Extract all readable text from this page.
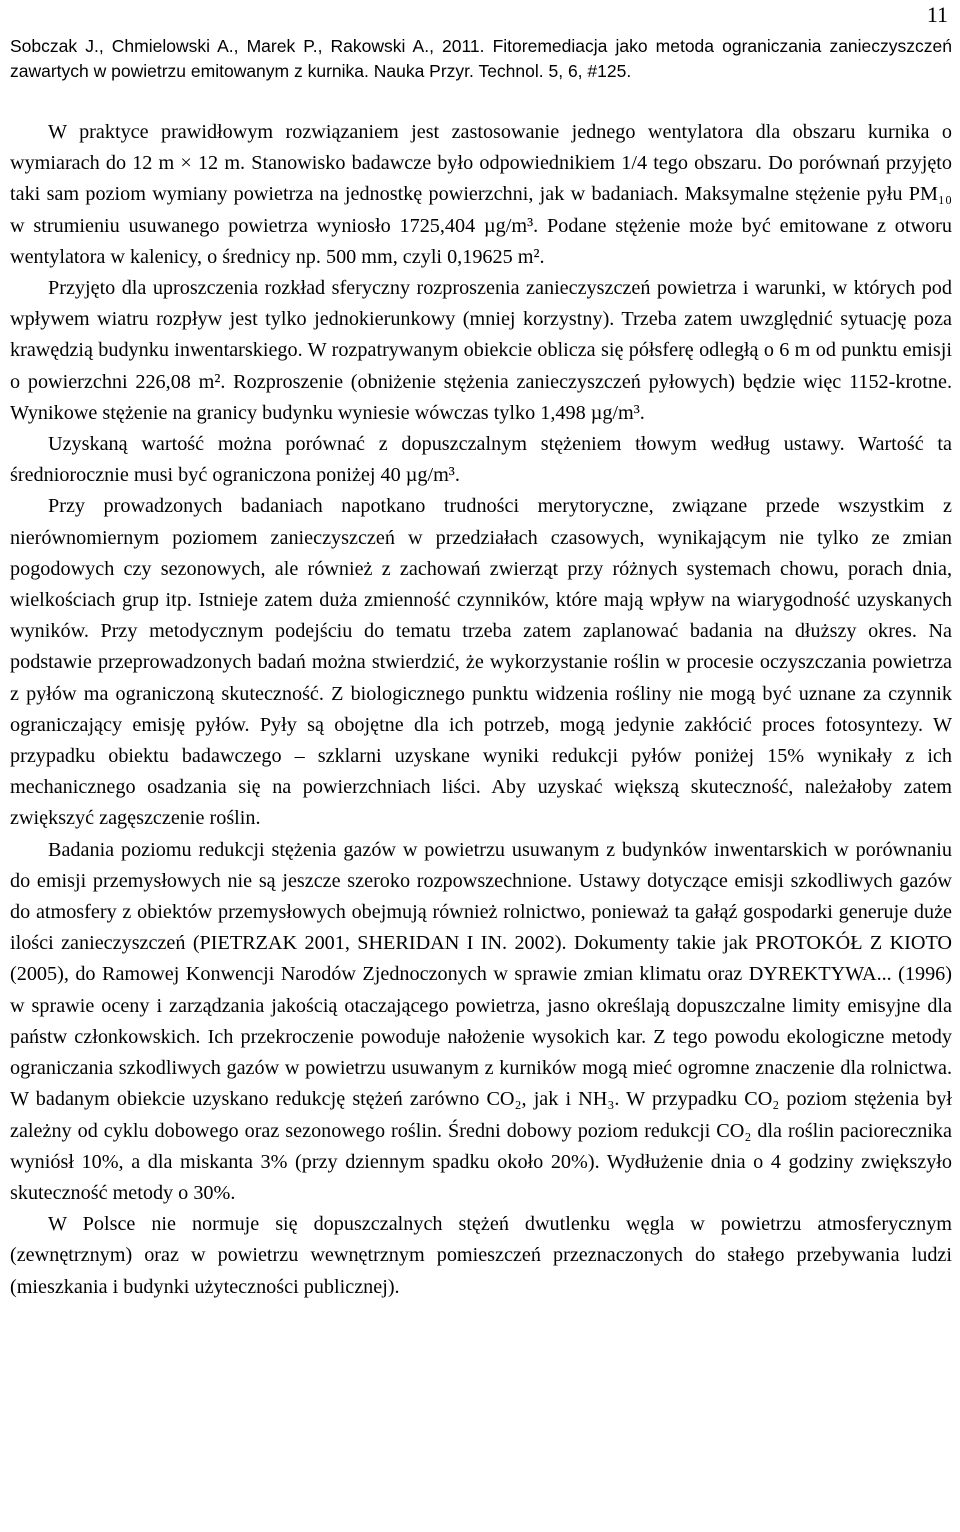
11
Sobczak J., Chmielowski A., Marek P., Rakowski A., 2011. Fitoremediacja jako metoda ograniczania zanieczyszczeń zawartych w powietrzu emitowanym z kurnika. Nauka Przyr. Technol. 5, 6, #125.

W praktyce prawidłowym rozwiązaniem jest zastosowanie jednego wentylatora dla obszaru kurnika o wymiarach do 12 m × 12 m. Stanowisko badawcze było odpowiednikiem 1/4 tego obszaru. Do porównań przyjęto taki sam poziom wymiany powietrza na jednostkę powierzchni, jak w badaniach. Maksymalne stężenie pyłu PM₁₀ w strumieniu usuwanego powietrza wyniosło 1725,404 µg/m³. Podane stężenie może być emitowane z otworu wentylatora w kalenicy, o średnicy np. 500 mm, czyli 0,19625 m².

Przyjęto dla uproszczenia rozkład sferyczny rozproszenia zanieczyszczeń powietrza i warunki, w których pod wpływem wiatru rozpływ jest tylko jednokierunkowy (mniej korzystny). Trzeba zatem uwzględnić sytuację poza krawędzią budynku inwentarskiego. W rozpatrywanym obiekcie oblicza się półsferę odległą o 6 m od punktu emisji o powierzchni 226,08 m². Rozproszenie (obniżenie stężenia zanieczyszczeń pyłowych) będzie więc 1152-krotne. Wynikowe stężenie na granicy budynku wyniesie wówczas tylko 1,498 µg/m³.

Uzyskaną wartość można porównać z dopuszczalnym stężeniem tłowym według ustawy. Wartość ta średniorocznie musi być ograniczona poniżej 40 µg/m³.

Przy prowadzonych badaniach napotkano trudności merytoryczne, związane przede wszystkim z nierównomiernym poziomem zanieczyszczeń w przedziałach czasowych, wynikającym nie tylko ze zmian pogodowych czy sezonowych, ale również z zachowań zwierząt przy różnych systemach chowu, porach dnia, wielkościach grup itp. Istnieje zatem duża zmienność czynników, które mają wpływ na wiarygodność uzyskanych wyników. Przy metodycznym podejściu do tematu trzeba zatem zaplanować badania na dłuższy okres. Na podstawie przeprowadzonych badań można stwierdzić, że wykorzystanie roślin w procesie oczyszczania powietrza z pyłów ma ograniczoną skuteczność. Z biologicznego punktu widzenia rośliny nie mogą być uznane za czynnik ograniczający emisję pyłów. Pyły są obojętne dla ich potrzeb, mogą jedynie zakłócić proces fotosyntezy. W przypadku obiektu badawczego – szklarni uzyskane wyniki redukcji pyłów poniżej 15% wynikały z ich mechanicznego osadzania się na powierzchniach liści. Aby uzyskać większą skuteczność, należałoby zatem zwiększyć zagęszczenie roślin.

Badania poziomu redukcji stężenia gazów w powietrzu usuwanym z budynków inwentarskich w porównaniu do emisji przemysłowych nie są jeszcze szeroko rozpowszechnione. Ustawy dotyczące emisji szkodliwych gazów do atmosfery z obiektów przemysłowych obejmują również rolnictwo, ponieważ ta gałąź gospodarki generuje duże ilości zanieczyszczeń (PIETRZAK 2001, SHERIDAN I IN. 2002). Dokumenty takie jak PROTOKÓŁ Z KIOTO (2005), do Ramowej Konwencji Narodów Zjednoczonych w sprawie zmian klimatu oraz DYREKTYWA... (1996) w sprawie oceny i zarządzania jakością otaczającego powietrza, jasno określają dopuszczalne limity emisyjne dla państw członkowskich. Ich przekroczenie powoduje nałożenie wysokich kar. Z tego powodu ekologiczne metody ograniczania szkodliwych gazów w powietrzu usuwanym z kurników mogą mieć ogromne znaczenie dla rolnictwa. W badanym obiekcie uzyskano redukcję stężeń zarówno CO₂, jak i NH₃. W przypadku CO₂ poziom stężenia był zależny od cyklu dobowego oraz sezonowego roślin. Średni dobowy poziom redukcji CO₂ dla roślin paciorecznika wyniósł 10%, a dla miskanta 3% (przy dziennym spadku około 20%). Wydłużenie dnia o 4 godziny zwiększyło skuteczność metody o 30%.

W Polsce nie normuje się dopuszczalnych stężeń dwutlenku węgla w powietrzu atmosferycznym (zewnętrznym) oraz w powietrzu wewnętrznym pomieszczeń przeznaczonych do stałego przebywania ludzi (mieszkania i budynki użyteczności publicznej).
